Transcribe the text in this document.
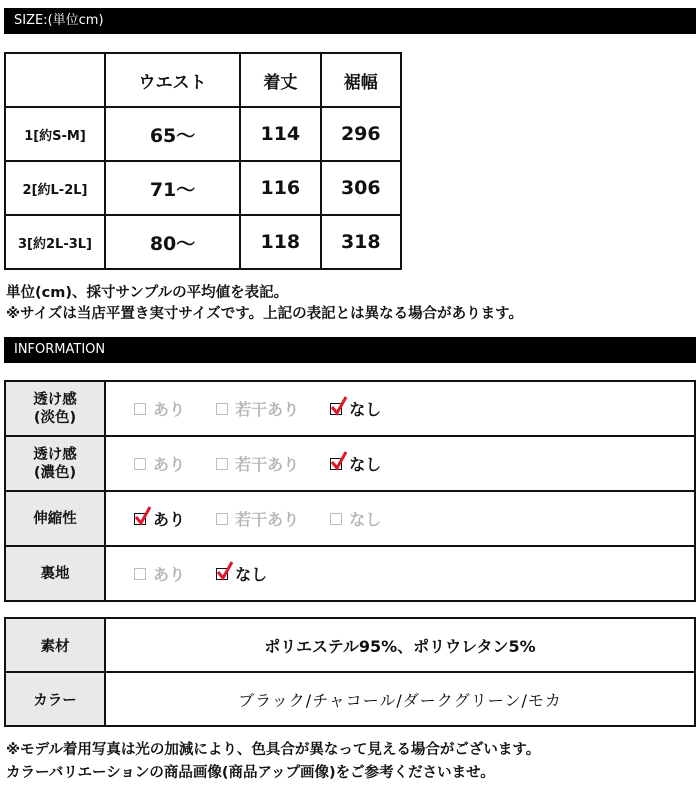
SIZE:(単位cm)
	ウエスト	着丈	裾幅
1[約S-M]	65〜	114	296
2[約L-2L]	71〜	116	306
3[約2L-3L]	80〜	118	318
単位(cm)、採寸サンプルの平均値を表記。
※サイズは当店平置き実寸サイズです。上記の表記とは異なる場合があります。
INFORMATION
透け感
(淡色)	あり
若干あり
なし

透け感
(濃色)	あり
若干あり
なし

伸縮性	あり
若干あり
なし

裏地	あり
なし
素材	ポリエステル95%、ポリウレタン5%
カラー	ブラック/チャコール/ダークグリーン/モカ
※モデル着用写真は光の加減により、色具合が異なって見える場合がございます。
カラーバリエーションの商品画像(商品アップ画像)をご参考くださいませ。
